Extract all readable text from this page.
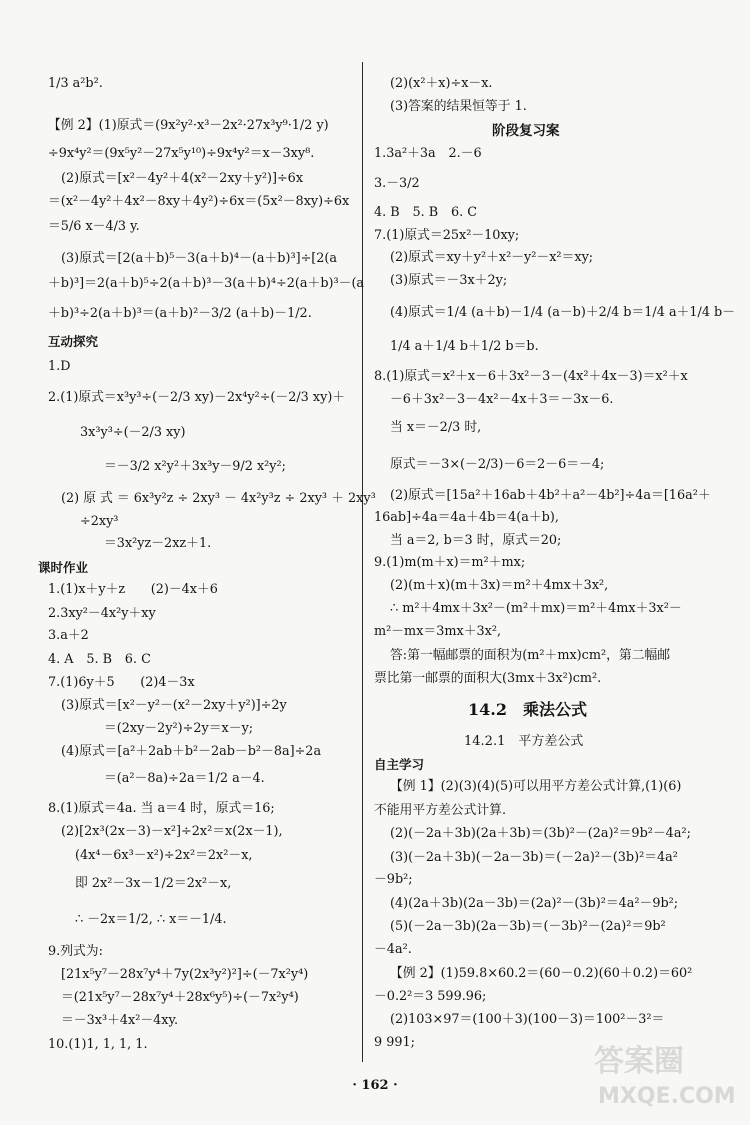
1/3 a²b².
【例 2】(1)原式＝(9x²y²·x³－2x²·27x³y⁹·1/2 y)
÷9x⁴y²＝(9x⁵y²－27x⁵y¹⁰)÷9x⁴y²＝x－3xy⁸.
(2)原式＝[x²－4y²＋4(x²－2xy＋y²)]÷6x
＝(x²－4y²＋4x²－8xy＋4y²)÷6x＝(5x²－8xy)÷6x
＝5/6 x－4/3 y.
(3)原式＝[2(a＋b)⁵－3(a＋b)⁴－(a＋b)³]÷[2(a
＋b)³]＝2(a＋b)⁵÷2(a＋b)³－3(a＋b)⁴÷2(a＋b)³－(a
＋b)³÷2(a＋b)³＝(a＋b)²－3/2 (a＋b)－1/2.
互动探究
1.D
2.(1)原式＝x³y³÷(－2/3 xy)－2x⁴y²÷(－2/3 xy)＋
3x³y³÷(－2/3 xy)
＝－3/2 x²y²＋3x³y－9/2 x²y²;
(2) 原 式 ＝ 6x³y²z ÷ 2xy³ － 4x²y³z ÷ 2xy³ ＋ 2xy³
÷2xy³
＝3x²yz－2xz＋1.
课时作业
1.(1)x＋y＋z　　(2)－4x＋6
2.3xy²－4x²y＋xy
3.a＋2
4. A　5. B　6. C
7.(1)6y＋5　　(2)4－3x
(3)原式＝[x²－y²－(x²－2xy＋y²)]÷2y
＝(2xy－2y²)÷2y＝x－y;
(4)原式＝[a²＋2ab＋b²－2ab－b²－8a]÷2a
＝(a²－8a)÷2a＝1/2 a－4.
8.(1)原式＝4a. 当 a＝4 时，原式＝16;
(2)[2x³(2x－3)－x²]÷2x²＝x(2x－1),
(4x⁴－6x³－x²)÷2x²＝2x²－x,
即 2x²－3x－1/2＝2x²－x,
∴ －2x＝1/2, ∴ x＝－1/4.
9.列式为:
[21x⁵y⁷－28x⁷y⁴＋7y(2x³y²)²]÷(－7x²y⁴)
＝(21x⁵y⁷－28x⁷y⁴＋28x⁶y⁵)÷(－7x²y⁴)
＝－3x³＋4x²－4xy.
10.(1)1, 1, 1, 1.
(2)(x²＋x)÷x－x.
(3)答案的结果恒等于 1.
阶段复习案
1.3a²＋3a　2.－6
3.－3/2
4. B　5. B　6. C
7.(1)原式＝25x²－10xy;
(2)原式＝xy＋y²＋x²－y²－x²＝xy;
(3)原式＝－3x＋2y;
(4)原式＝1/4 (a＋b)－1/4 (a－b)＋2/4 b＝1/4 a＋1/4 b－
1/4 a＋1/4 b＋1/2 b＝b.
8.(1)原式＝x²＋x－6＋3x²－3－(4x²＋4x－3)＝x²＋x
－6＋3x²－3－4x²－4x＋3＝－3x－6.
当 x＝－2/3 时,
原式＝－3×(－2/3)－6＝2－6＝－4;
(2)原式＝[15a²＋16ab＋4b²＋a²－4b²]÷4a＝[16a²＋
16ab]÷4a＝4a＋4b＝4(a＋b),
当 a＝2, b＝3 时，原式＝20;
9.(1)m(m＋x)＝m²＋mx;
(2)(m＋x)(m＋3x)＝m²＋4mx＋3x²,
∴ m²＋4mx＋3x²－(m²＋mx)＝m²＋4mx＋3x²－
m²－mx＝3mx＋3x²,
答:第一幅邮票的面积为(m²＋mx)cm²，第二幅邮
票比第一邮票的面积大(3mx＋3x²)cm².
14.2　乘法公式
14.2.1　平方差公式
自主学习
【例 1】(2)(3)(4)(5)可以用平方差公式计算,(1)(6)
不能用平方差公式计算.
(2)(－2a＋3b)(2a＋3b)＝(3b)²－(2a)²＝9b²－4a²;
(3)(－2a＋3b)(－2a－3b)＝(－2a)²－(3b)²＝4a²
－9b²;
(4)(2a＋3b)(2a－3b)＝(2a)²－(3b)²＝4a²－9b²;
(5)(－2a－3b)(2a－3b)＝(－3b)²－(2a)²＝9b²
－4a².
【例 2】(1)59.8×60.2＝(60－0.2)(60＋0.2)＝60²
－0.2²＝3 599.96;
(2)103×97＝(100＋3)(100－3)＝100²－3²＝
9 991;
· 162 ·
答案圈
MXQE.COM
